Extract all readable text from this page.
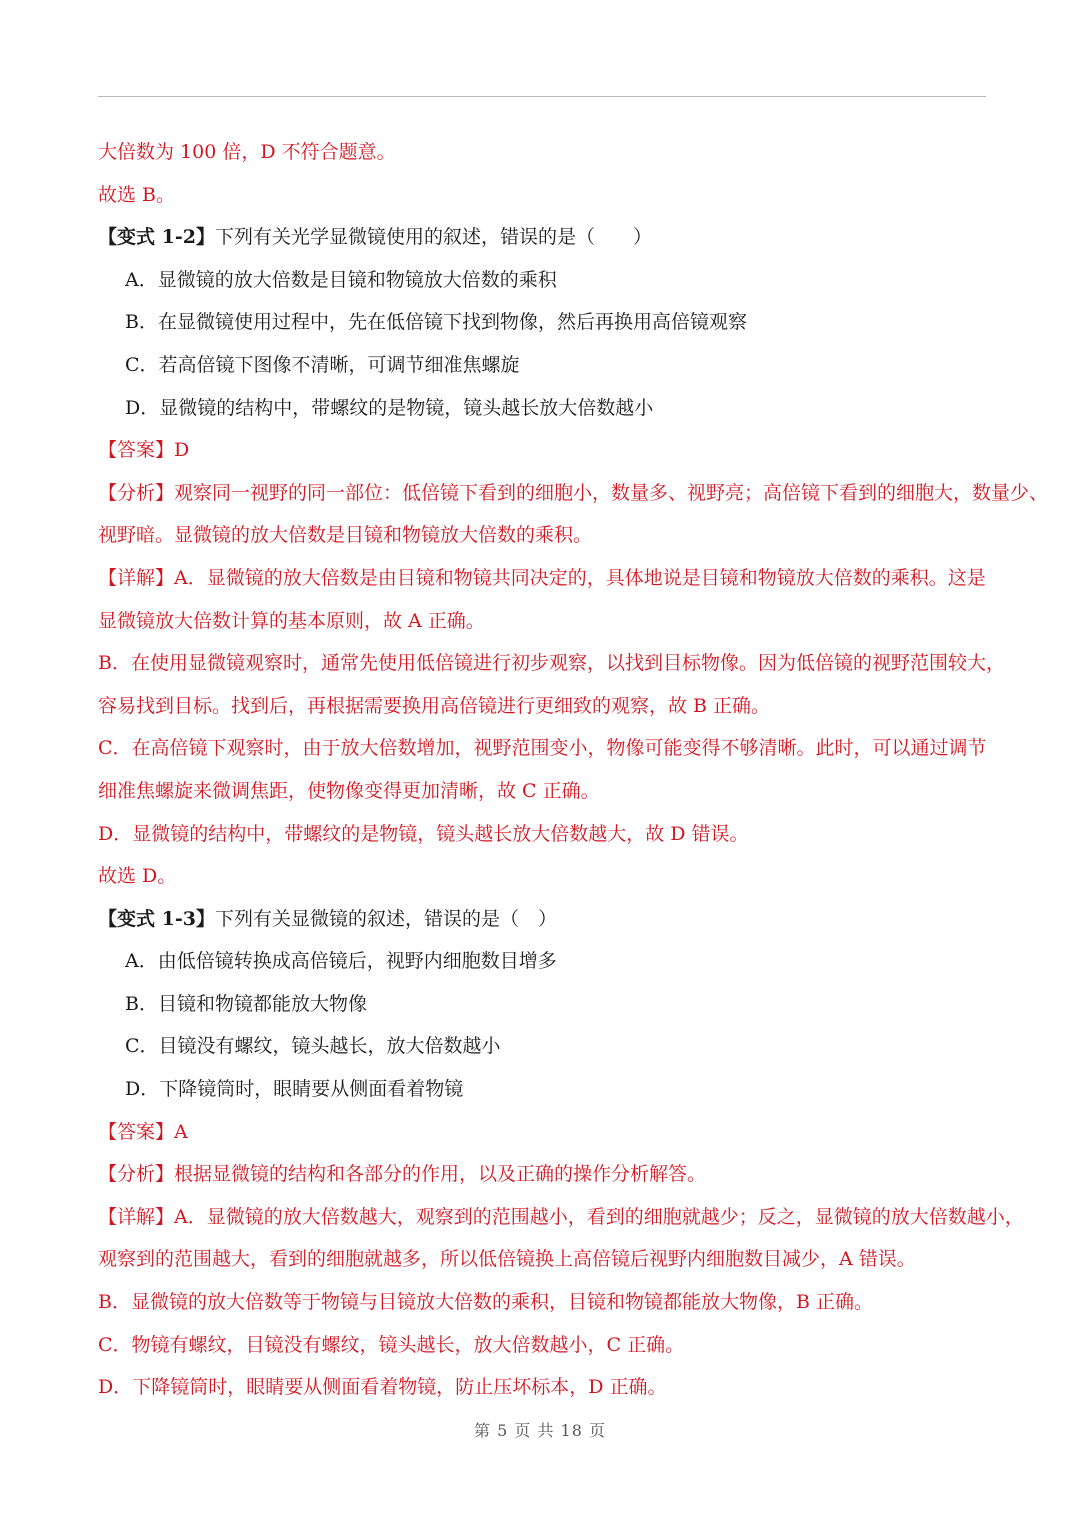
大倍数为 100 倍，D 不符合题意。
故选 B。
【变式 1-2】下列有关光学显微镜使用的叙述，错误的是（　　）
A．显微镜的放大倍数是目镜和物镜放大倍数的乘积
B．在显微镜使用过程中，先在低倍镜下找到物像，然后再换用高倍镜观察
C．若高倍镜下图像不清晰，可调节细准焦螺旋
D．显微镜的结构中，带螺纹的是物镜，镜头越长放大倍数越小
【答案】D
【分析】观察同一视野的同一部位：低倍镜下看到的细胞小，数量多、视野亮；高倍镜下看到的细胞大，数量少、
视野暗。显微镜的放大倍数是目镜和物镜放大倍数的乘积。
【详解】A．显微镜的放大倍数是由目镜和物镜共同决定的，具体地说是目镜和物镜放大倍数的乘积。这是
显微镜放大倍数计算的基本原则，故 A 正确。
B．在使用显微镜观察时，通常先使用低倍镜进行初步观察，以找到目标物像。因为低倍镜的视野范围较大，
容易找到目标。找到后，再根据需要换用高倍镜进行更细致的观察，故 B 正确。
C．在高倍镜下观察时，由于放大倍数增加，视野范围变小，物像可能变得不够清晰。此时，可以通过调节
细准焦螺旋来微调焦距，使物像变得更加清晰，故 C 正确。
D．显微镜的结构中，带螺纹的是物镜，镜头越长放大倍数越大，故 D 错误。
故选 D。
【变式 1-3】下列有关显微镜的叙述，错误的是（　）
A．由低倍镜转换成高倍镜后，视野内细胞数目增多
B．目镜和物镜都能放大物像
C．目镜没有螺纹，镜头越长，放大倍数越小
D．下降镜筒时，眼睛要从侧面看着物镜
【答案】A
【分析】根据显微镜的结构和各部分的作用，以及正确的操作分析解答。
【详解】A．显微镜的放大倍数越大，观察到的范围越小，看到的细胞就越少；反之，显微镜的放大倍数越小，
观察到的范围越大，看到的细胞就越多，所以低倍镜换上高倍镜后视野内细胞数目减少，A 错误。
B．显微镜的放大倍数等于物镜与目镜放大倍数的乘积，目镜和物镜都能放大物像，B 正确。
C．物镜有螺纹，目镜没有螺纹，镜头越长，放大倍数越小，C 正确。
D．下降镜筒时，眼睛要从侧面看着物镜，防止压坏标本，D 正确。
第 5 页 共 18 页
